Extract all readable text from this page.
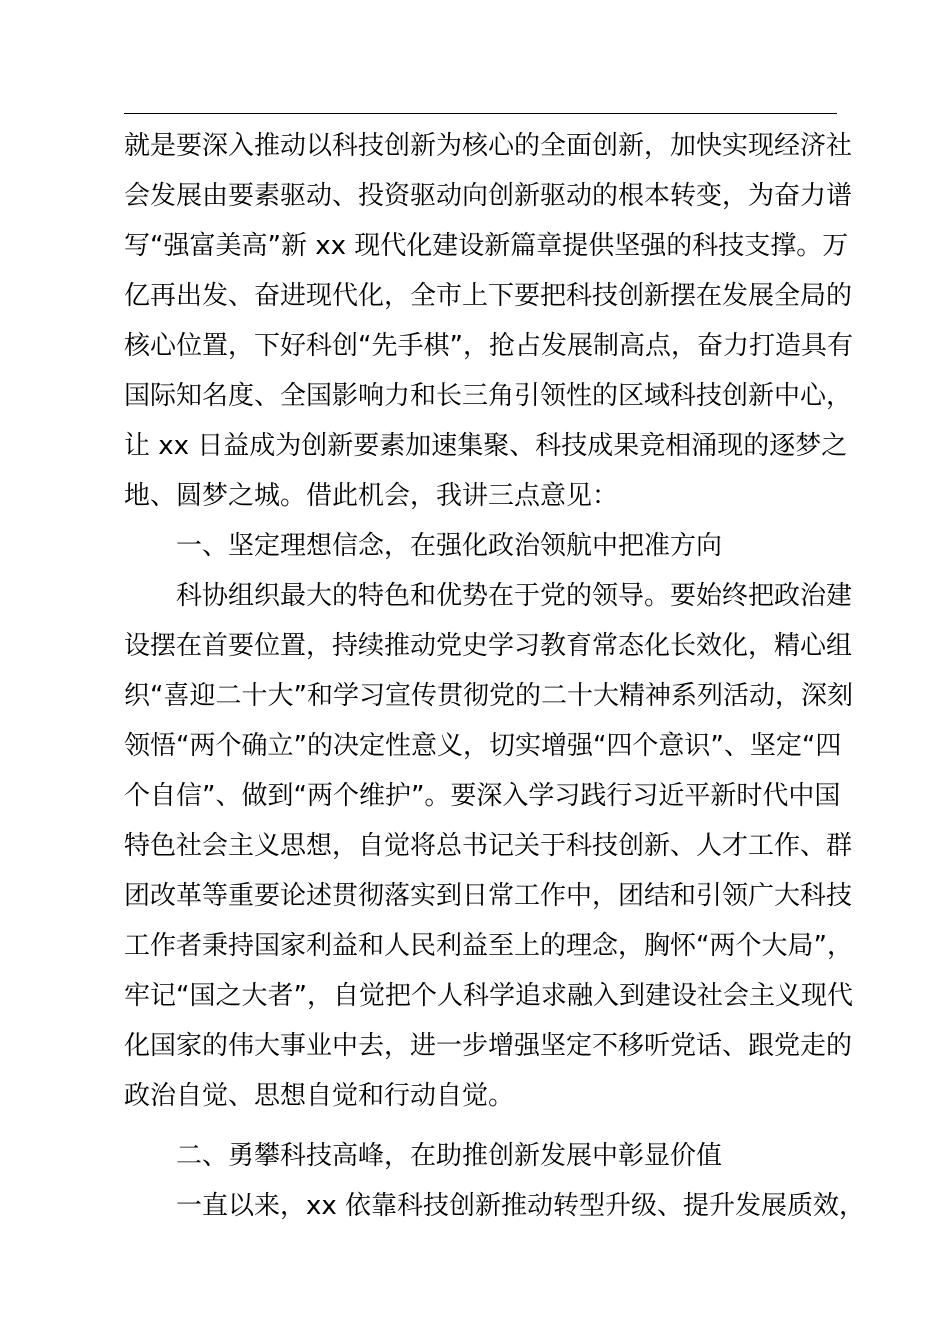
就是要深入推动以科技创新为核心的全面创新，加快实现经济社
会发展由要素驱动、投资驱动向创新驱动的根本转变，为奋力谱
写“强富美高”新 xx 现代化建设新篇章提供坚强的科技支撑。万
亿再出发、奋进现代化，全市上下要把科技创新摆在发展全局的
核心位置，下好科创“先手棋”，抢占发展制高点，奋力打造具有
国际知名度、全国影响力和长三角引领性的区域科技创新中心，
让 xx 日益成为创新要素加速集聚、科技成果竞相涌现的逐梦之
地、圆梦之城。借此机会，我讲三点意见：
一、坚定理想信念，在强化政治领航中把准方向
科协组织最大的特色和优势在于党的领导。要始终把政治建
设摆在首要位置，持续推动党史学习教育常态化长效化，精心组
织“喜迎二十大”和学习宣传贯彻党的二十大精神系列活动，深刻
领悟“两个确立”的决定性意义，切实增强“四个意识”、坚定“四
个自信”、做到“两个维护”。要深入学习践行习近平新时代中国
特色社会主义思想，自觉将总书记关于科技创新、人才工作、群
团改革等重要论述贯彻落实到日常工作中，团结和引领广大科技
工作者秉持国家利益和人民利益至上的理念，胸怀“两个大局”，
牢记“国之大者”，自觉把个人科学追求融入到建设社会主义现代
化国家的伟大事业中去，进一步增强坚定不移听党话、跟党走的
政治自觉、思想自觉和行动自觉。
二、勇攀科技高峰，在助推创新发展中彰显价值
一直以来，xx 依靠科技创新推动转型升级、提升发展质效，
